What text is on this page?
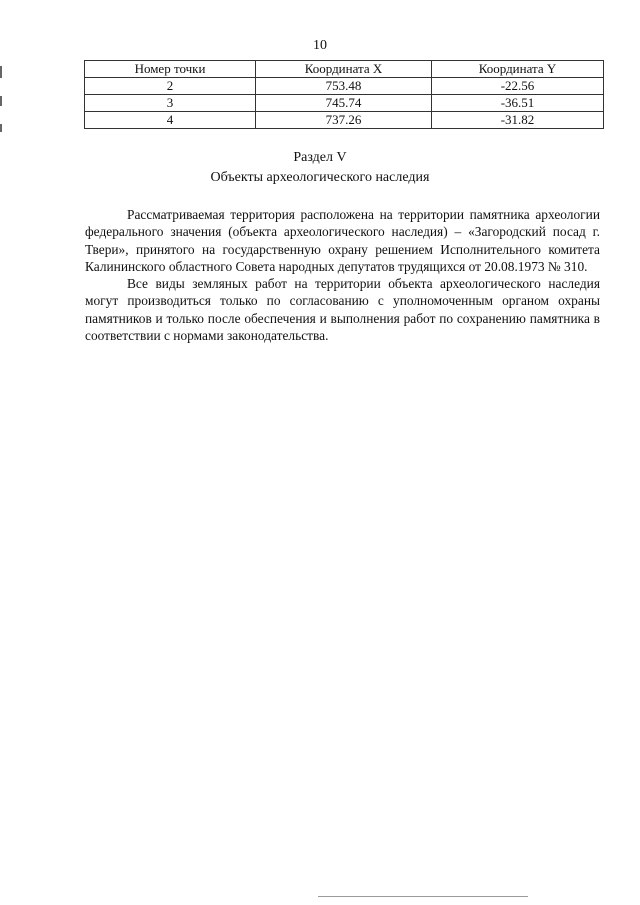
10
Номер точки	Координата X	Координата Y
2	753.48	-22.56
3	745.74	-36.51
4	737.26	-31.82
Раздел V
Объекты археологического наследия

Рассматриваемая территория расположена на территории памятника археологии федерального значения (объекта археологического наследия) – «Загородский посад г. Твери», принятого на государственную охрану решением Исполнительного комитета Калининского областного Совета народных депутатов трудящихся от 20.08.1973 № 310.

Все виды земляных работ на территории объекта археологического наследия могут производиться только по согласованию с уполномоченным органом охраны памятников и только после обеспечения и выполнения работ по сохранению памятника в соответствии с нормами законодательства.
